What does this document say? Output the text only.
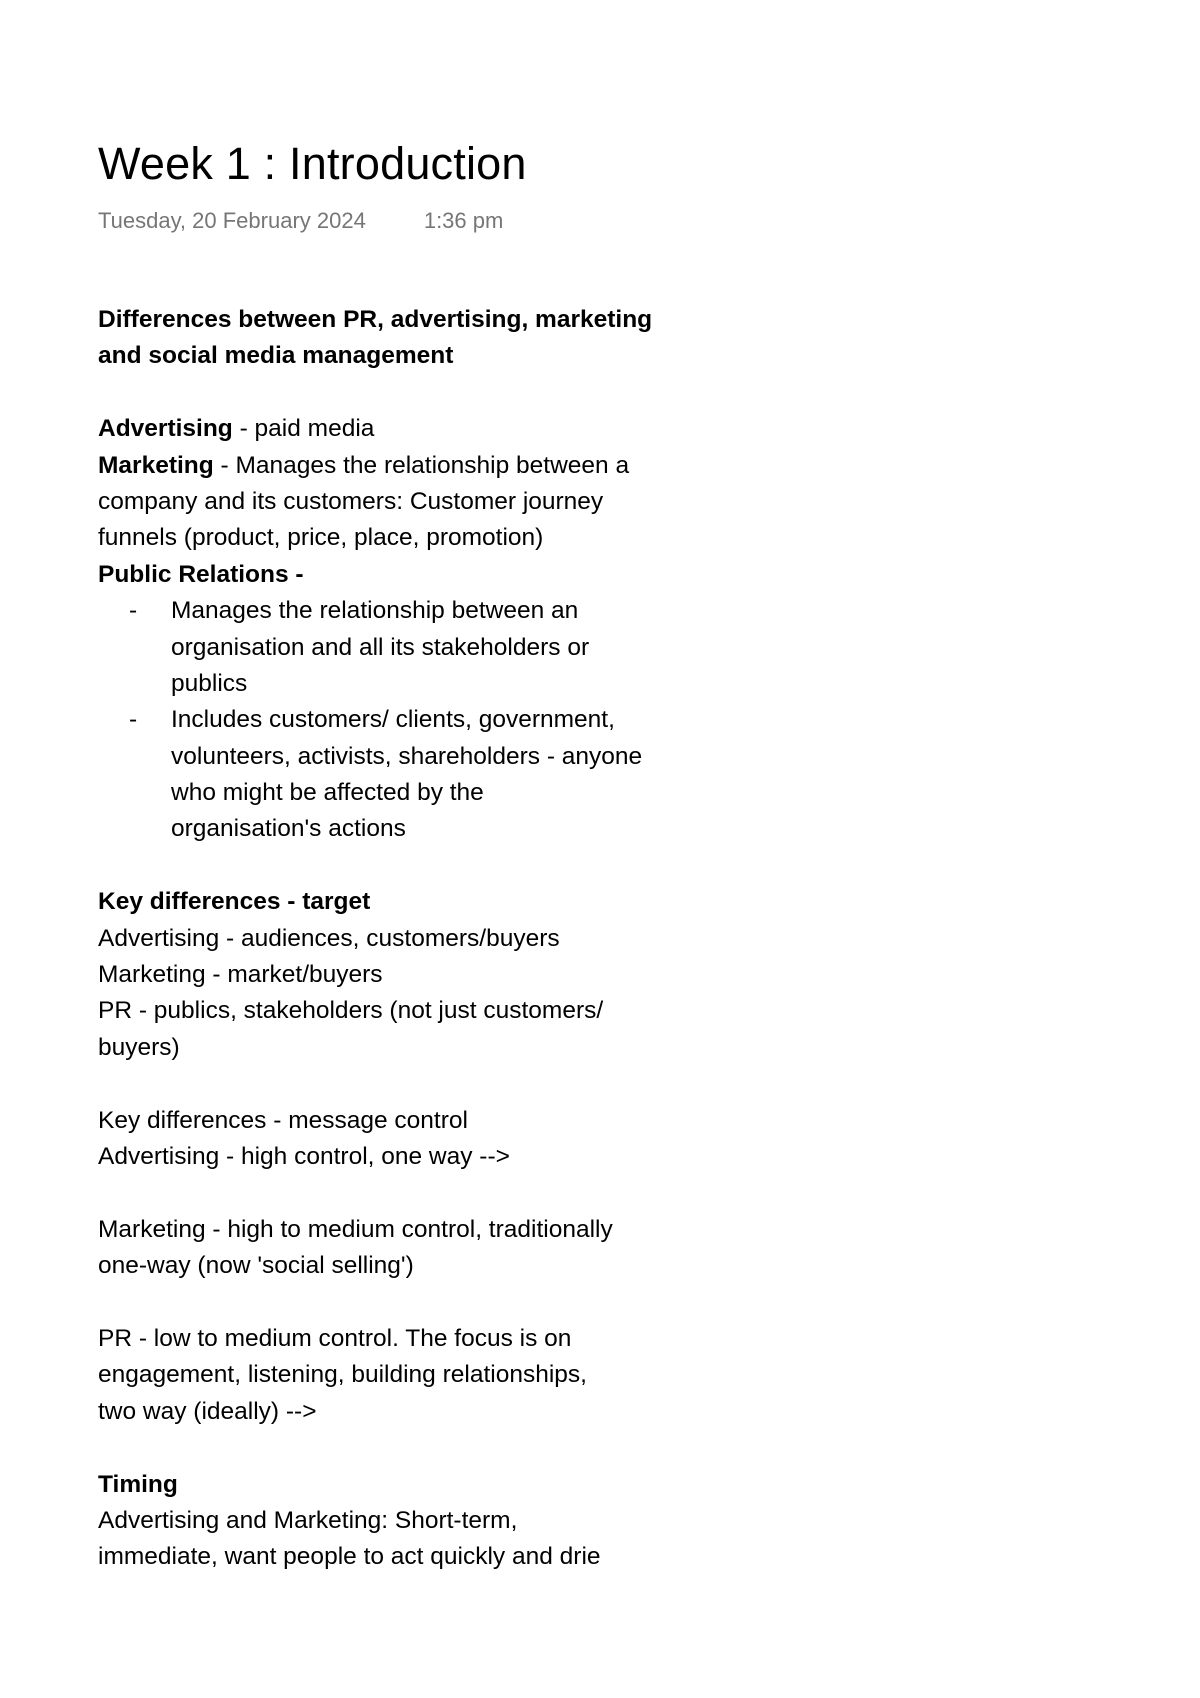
Week 1 : Introduction
Tuesday, 20 February 2024	1:36 pm
Differences between PR, advertising, marketing
and social media management
Advertising - paid media
Marketing - Manages the relationship between a
company and its customers: Customer journey
funnels (product, price, place, promotion)
Public Relations -
- Manages the relationship between an
organisation and all its stakeholders or
publics
- Includes customers/ clients, government,
volunteers, activists, shareholders - anyone
who might be affected by the
organisation's actions
Key differences - target
Advertising - audiences, customers/buyers
Marketing - market/buyers
PR - publics, stakeholders (not just customers/
buyers)
Key differences - message control
Advertising - high control, one way -->
Marketing - high to medium control, traditionally
one-way (now 'social selling')
PR - low to medium control. The focus is on
engagement, listening, building relationships,
two way (ideally) -->
Timing
Advertising and Marketing: Short-term,
immediate, want people to act quickly and drie
